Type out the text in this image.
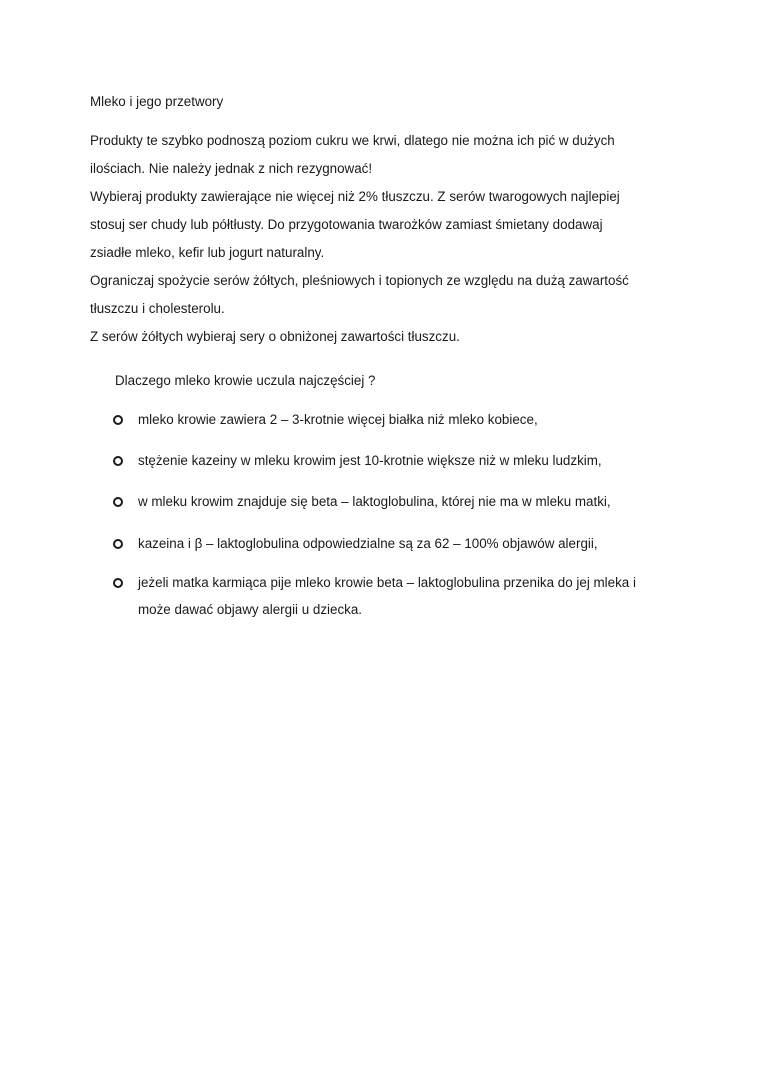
Mleko i jego przetwory
Produkty te szybko podnoszą poziom cukru we krwi, dlatego nie można ich pić w dużych
ilościach. Nie należy jednak z nich rezygnować!
Wybieraj produkty zawierające nie więcej niż 2% tłuszczu. Z serów twarogowych najlepiej
stosuj ser chudy lub półtłusty. Do przygotowania twarożków zamiast śmietany dodawaj
zsiadłe mleko, kefir lub jogurt naturalny.
Ograniczaj spożycie serów żółtych, pleśniowych i topionych ze względu na dużą zawartość
tłuszczu i cholesterolu.
Z serów żółtych wybieraj sery o obniżonej zawartości tłuszczu.
Dlaczego mleko krowie uczula najczęściej ?
mleko krowie zawiera 2 – 3-krotnie więcej białka niż mleko kobiece,
stężenie kazeiny w mleku krowim jest 10-krotnie większe niż w mleku ludzkim,
w mleku krowim znajduje się beta – laktoglobulina, której nie ma w mleku matki,
kazeina i β – laktoglobulina odpowiedzialne są za 62 – 100% objawów alergii,
jeżeli matka karmiąca pije mleko krowie beta – laktoglobulina przenika do jej mleka i
może dawać objawy alergii u dziecka.
